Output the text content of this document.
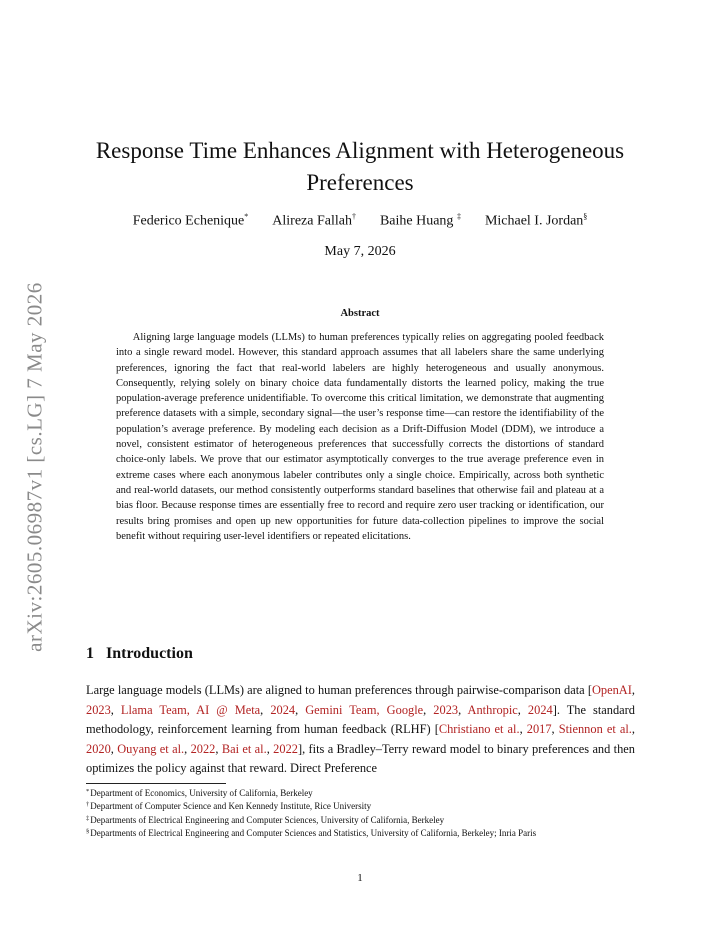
arXiv:2605.06987v1 [cs.LG] 7 May 2026
Response Time Enhances Alignment with Heterogeneous Preferences
Federico Echenique* Alireza Fallah† Baihe Huang ‡ Michael I. Jordan§
May 7, 2026
Abstract

Aligning large language models (LLMs) to human preferences typically relies on aggregating pooled feedback into a single reward model. However, this standard approach assumes that all labelers share the same underlying preferences, ignoring the fact that real-world labelers are highly heterogeneous and usually anonymous. Consequently, relying solely on binary choice data fundamentally distorts the learned policy, making the true population-average preference unidentifiable. To overcome this critical limitation, we demonstrate that augmenting preference datasets with a simple, secondary signal—the user’s response time—can restore the identifiability of the population’s average preference. By modeling each decision as a Drift-Diffusion Model (DDM), we introduce a novel, consistent estimator of heterogeneous preferences that successfully corrects the distortions of standard choice-only labels. We prove that our estimator asymptotically converges to the true average preference even in extreme cases where each anonymous labeler contributes only a single choice. Empirically, across both synthetic and real-world datasets, our method consistently outperforms standard baselines that otherwise fail and plateau at a bias floor. Because response times are essentially free to record and require zero user tracking or identification, our results bring promises and open up new opportunities for future data-collection pipelines to improve the social benefit without requiring user-level identifiers or repeated elicitations.

1 Introduction

Large language models (LLMs) are aligned to human preferences through pairwise-comparison data [OpenAI, 2023, Llama Team, AI @ Meta, 2024, Gemini Team, Google, 2023, Anthropic, 2024]. The standard methodology, reinforcement learning from human feedback (RLHF) [Christiano et al., 2017, Stiennon et al., 2020, Ouyang et al., 2022, Bai et al., 2022], fits a Bradley–Terry reward model to binary preferences and then optimizes the policy against that reward. Direct Preference

*Department of Economics, University of California, Berkeley

†Department of Computer Science and Ken Kennedy Institute, Rice University

‡Departments of Electrical Engineering and Computer Sciences, University of California, Berkeley

§Departments of Electrical Engineering and Computer Sciences and Statistics, University of California, Berkeley; Inria Paris

1
